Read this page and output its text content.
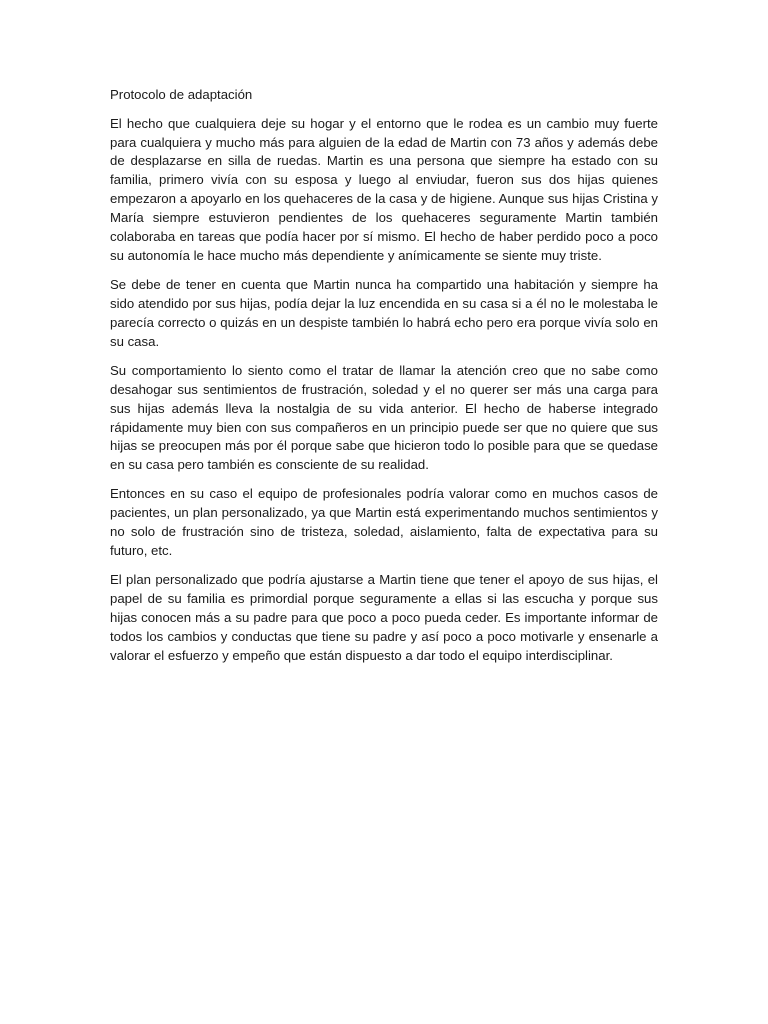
Protocolo de adaptación

El hecho que cualquiera deje su hogar y el entorno que le rodea es un cambio muy fuerte para cualquiera y mucho más para alguien de la edad de Martin con 73 años y además debe de desplazarse en silla de ruedas. Martin es una persona que siempre ha estado con su familia, primero vivía con su esposa y luego al enviudar, fueron sus dos hijas quienes empezaron a apoyarlo en los quehaceres de la casa y de higiene. Aunque sus hijas Cristina y María siempre estuvieron pendientes de los quehaceres seguramente Martin también colaboraba en tareas que podía hacer por sí mismo. El hecho de haber perdido poco a poco su autonomía le hace mucho más dependiente y anímicamente se siente muy triste.

Se debe de tener en cuenta que Martin nunca ha compartido una habitación y siempre ha sido atendido por sus hijas, podía dejar la luz encendida en su casa si a él no le molestaba le parecía correcto o quizás en un despiste también lo habrá echo pero era porque vivía solo en su casa.

Su comportamiento lo siento como el tratar de llamar la atención creo que no sabe como desahogar sus sentimientos de frustración, soledad y el no querer ser más una carga para sus hijas además lleva la nostalgia de su vida anterior. El hecho de haberse integrado rápidamente muy bien con sus compañeros en un principio puede ser que no quiere que sus hijas se preocupen más por él porque sabe que hicieron todo lo posible para que se quedase en su casa pero también es consciente de su realidad.

Entonces en su caso el equipo de profesionales podría valorar como en muchos casos de pacientes, un plan personalizado, ya que Martin está experimentando muchos sentimientos y no solo de frustración sino de tristeza, soledad, aislamiento, falta de expectativa para su futuro, etc.

El plan personalizado que podría ajustarse a Martin tiene que tener el apoyo de sus hijas, el papel de su familia es primordial porque seguramente a ellas si las escucha y porque sus hijas conocen más a su padre para que poco a poco pueda ceder. Es importante informar de todos los cambios y conductas que tiene su padre y así poco a poco motivarle y ensenarle a valorar el esfuerzo y empeño que están dispuesto a dar todo el equipo interdisciplinar.
